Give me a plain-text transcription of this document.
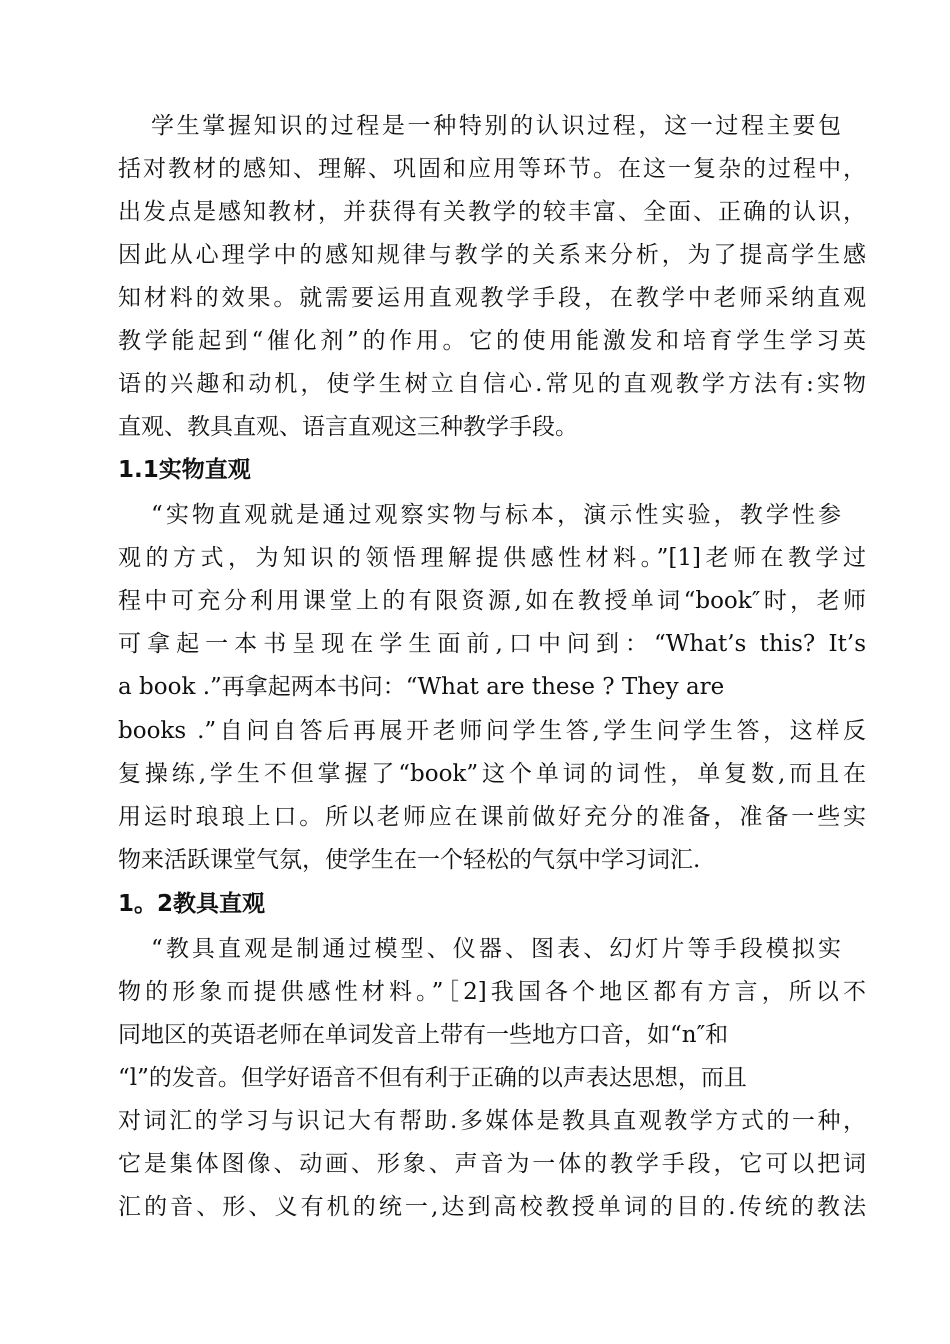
学生掌握知识的过程是一种特别的认识过程，这一过程主要包
括对教材的感知、理解、巩固和应用等环节。在这一复杂的过程中，
出发点是感知教材，并获得有关教学的较丰富、全面、正确的认识，
因此从心理学中的感知规律与教学的关系来分析，为了提高学生感
知材料的效果。就需要运用直观教学手段，在教学中老师采纳直观
教学能起到“催化剂”的作用。它的使用能激发和培育学生学习英
语的兴趣和动机，使学生树立自信心.常见的直观教学方法有:实物
直观、教具直观、语言直观这三种教学手段。
1.1实物直观
“实物直观就是通过观察实物与标本，演示性实验，教学性参
观的方式，为知识的领悟理解提供感性材料。”[1]老师在教学过
程中可充分利用课堂上的有限资源,如在教授单词“book″时，老师
可拿起一本书呈现在学生面前,口中问到：“What’s this? It’s
a book .”再拿起两本书问：“What are these ? They are
books .”自问自答后再展开老师问学生答,学生问学生答，这样反
复操练,学生不但掌握了“book”这个单词的词性，单复数,而且在
用运时琅琅上口。所以老师应在课前做好充分的准备，准备一些实
物来活跃课堂气氛，使学生在一个轻松的气氛中学习词汇.
1。2教具直观
“教具直观是制通过模型、仪器、图表、幻灯片等手段模拟实
物的形象而提供感性材料。”［2]我国各个地区都有方言，所以不
同地区的英语老师在单词发音上带有一些地方口音，如“n″和
“l”的发音。但学好语音不但有利于正确的以声表达思想，而且
对词汇的学习与识记大有帮助.多媒体是教具直观教学方式的一种，
它是集体图像、动画、形象、声音为一体的教学手段，它可以把词
汇的音、形、义有机的统一,达到高校教授单词的目的.传统的教法
